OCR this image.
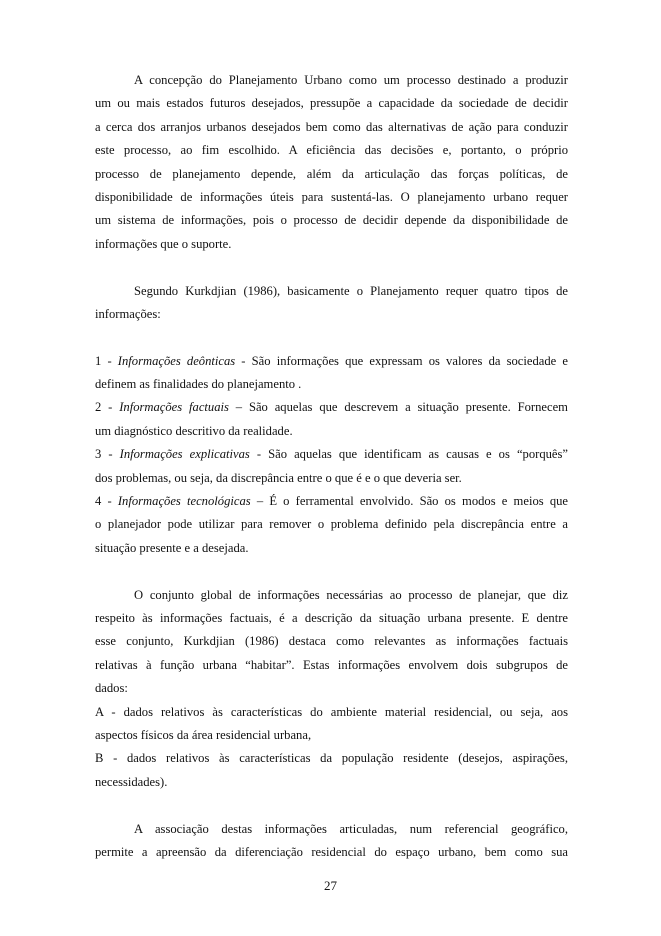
A concepção do Planejamento Urbano como um processo destinado a produzir
um ou mais estados futuros desejados, pressupõe a capacidade da sociedade de decidir
a cerca dos arranjos urbanos desejados bem como das alternativas de ação para conduzir
este processo, ao fim escolhido. A eficiência das decisões e, portanto, o próprio
processo de planejamento depende, além da articulação das forças políticas, de
disponibilidade de informações úteis para sustentá-las. O planejamento urbano requer
um sistema de informações, pois o processo de decidir depende da disponibilidade de
informações que o suporte.
Segundo Kurkdjian (1986), basicamente o Planejamento requer quatro tipos de
informações:
1 - Informações deônticas - São informações que expressam os valores da sociedade e
definem as finalidades do planejamento .
2 - Informações factuais – São aquelas que descrevem a situação presente. Fornecem
um diagnóstico descritivo da realidade.
3 - Informações explicativas - São aquelas que identificam as causas e os “porquês”
dos problemas, ou seja, da discrepância entre o que é e o que deveria ser.
4 - Informações tecnológicas – É o ferramental envolvido. São os modos e meios que
o planejador pode utilizar para remover o problema definido pela discrepância entre a
situação presente e a desejada.
O conjunto global de informações necessárias ao processo de planejar, que diz
respeito às informações factuais, é a descrição da situação urbana presente. E dentre
esse conjunto, Kurkdjian (1986) destaca como relevantes as informações factuais
relativas à função urbana “habitar”. Estas informações envolvem dois subgrupos de
dados:
A - dados relativos às características do ambiente material residencial, ou seja, aos
aspectos físicos da área residencial urbana,
B - dados relativos às características da população residente (desejos, aspirações,
necessidades).
A associação destas informações articuladas, num referencial geográfico,
permite a apreensão da diferenciação residencial do espaço urbano, bem como sua
27
